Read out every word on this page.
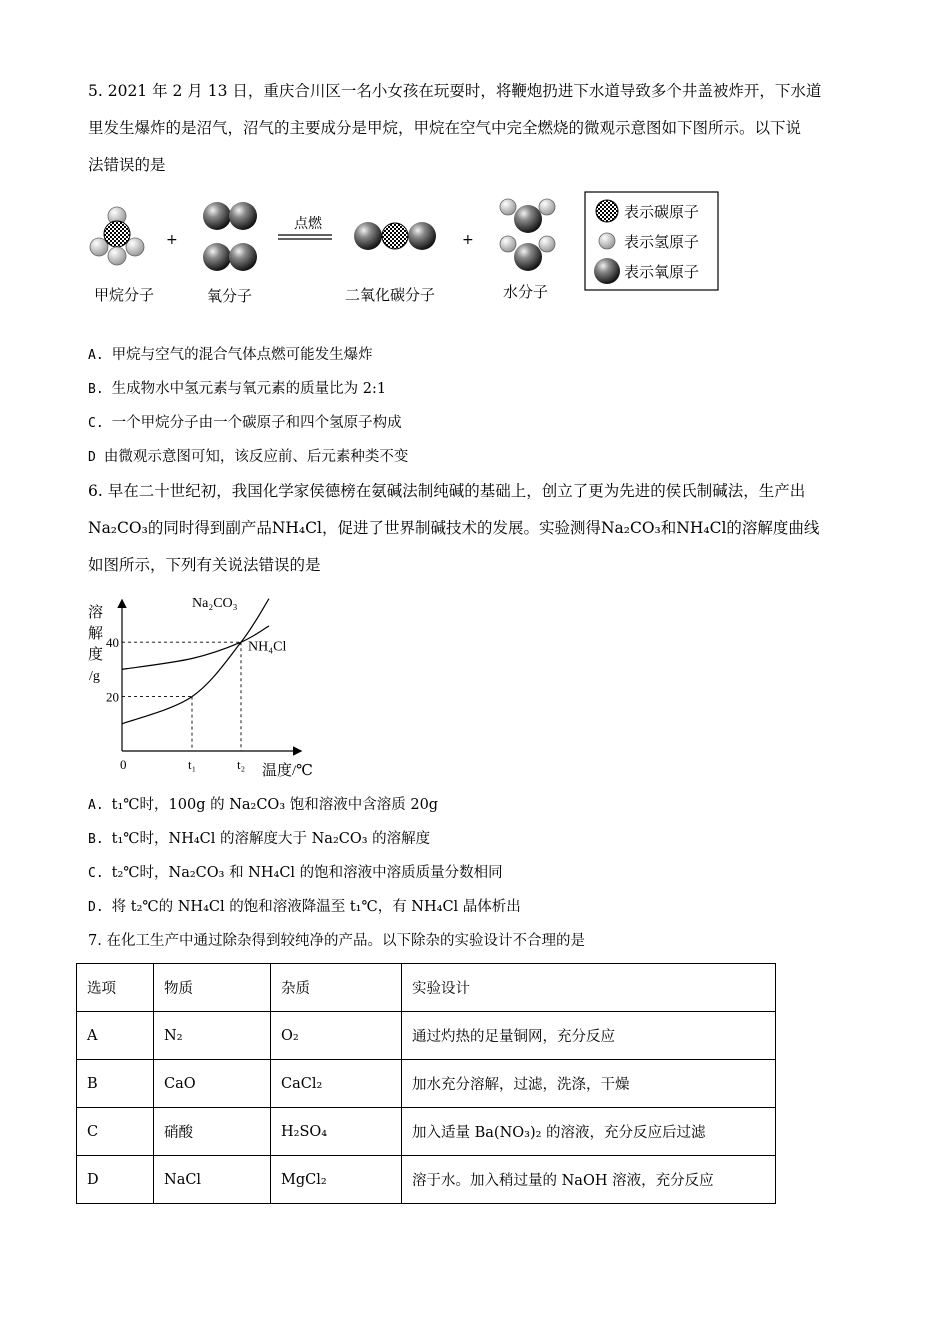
5. 2021 年 2 月 13 日，重庆合川区一名小女孩在玩耍时，将鞭炮扔进下水道导致多个井盖被炸开，下水道
里发生爆炸的是沼气，沼气的主要成分是甲烷，甲烷在空气中完全燃烧的微观示意图如下图所示。以下说
法错误的是
甲烷分子
+
氧分子
点燃
二氧化碳分子
+
水分子
表示碳原子
表示氢原子
表示氧原子
A. 甲烷与空气的混合气体点燃可能发生爆炸
B. 生成物水中氢元素与氧元素的质量比为 2:1
C. 一个甲烷分子由一个碳原子和四个氢原子构成
D 由微观示意图可知，该反应前、后元素种类不变
6. 早在二十世纪初，我国化学家侯德榜在氨碱法制纯碱的基础上，创立了更为先进的侯氏制碱法，生产出
Na₂CO₃的同时得到副产品NH₄Cl，促进了世界制碱技术的发展。实验测得Na₂CO₃和NH₄Cl的溶解度曲线
如图所示，下列有关说法错误的是
溶
解
度
/g
0	温度/℃
Na₂CO₃
NH₄Cl
t₁	t₂
20
40
A. t₁℃时，100g 的 Na₂CO₃ 饱和溶液中含溶质 20g
B. t₁℃时，NH₄Cl 的溶解度大于 Na₂CO₃ 的溶解度
C. t₂℃时，Na₂CO₃ 和 NH₄Cl 的饱和溶液中溶质质量分数相同
D. 将 t₂℃的 NH₄Cl 的饱和溶液降温至 t₁℃，有 NH₄Cl 晶体析出
7. 在化工生产中通过除杂得到较纯净的产品。以下除杂的实验设计不合理的是
选项	物质	杂质	实验设计
A	N₂	O₂	通过灼热的足量铜网，充分反应
B	CaO	CaCl₂	加水充分溶解，过滤，洗涤，干燥
C	硝酸	H₂SO₄	加入适量 Ba(NO₃)₂ 的溶液，充分反应后过滤
D	NaCl	MgCl₂	溶于水。加入稍过量的 NaOH 溶液，充分反应
